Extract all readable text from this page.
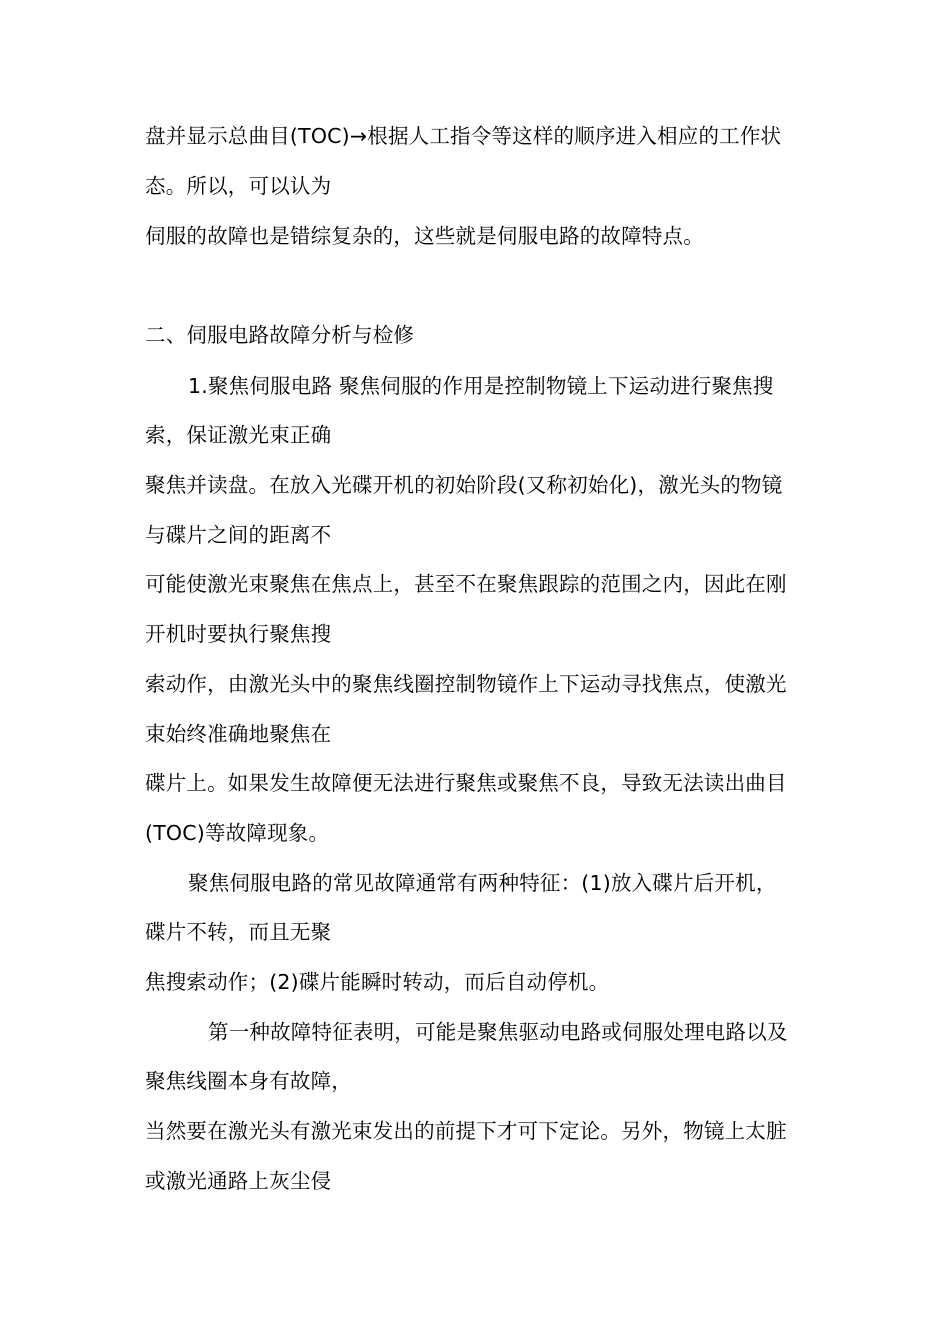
盘并显示总曲目(TOC)→根据人工指令等这样的顺序进入相应的工作状
态。所以，可以认为
伺服的故障也是错综复杂的，这些就是伺服电路的故障特点。
二、伺服电路故障分析与检修
1.聚焦伺服电路 聚焦伺服的作用是控制物镜上下运动进行聚焦搜
索，保证激光束正确
聚焦并读盘。在放入光碟开机的初始阶段(又称初始化)，激光头的物镜
与碟片之间的距离不
可能使激光束聚焦在焦点上，甚至不在聚焦跟踪的范围之内，因此在刚
开机时要执行聚焦搜
索动作，由激光头中的聚焦线圈控制物镜作上下运动寻找焦点，使激光
束始终准确地聚焦在
碟片上。如果发生故障便无法进行聚焦或聚焦不良，导致无法读出曲目
(TOC)等故障现象。
聚焦伺服电路的常见故障通常有两种特征：(1)放入碟片后开机，
碟片不转，而且无聚
焦搜索动作；(2)碟片能瞬时转动，而后自动停机。
第一种故障特征表明，可能是聚焦驱动电路或伺服处理电路以及
聚焦线圈本身有故障，
当然要在激光头有激光束发出的前提下才可下定论。另外，物镜上太脏
或激光通路上灰尘侵
